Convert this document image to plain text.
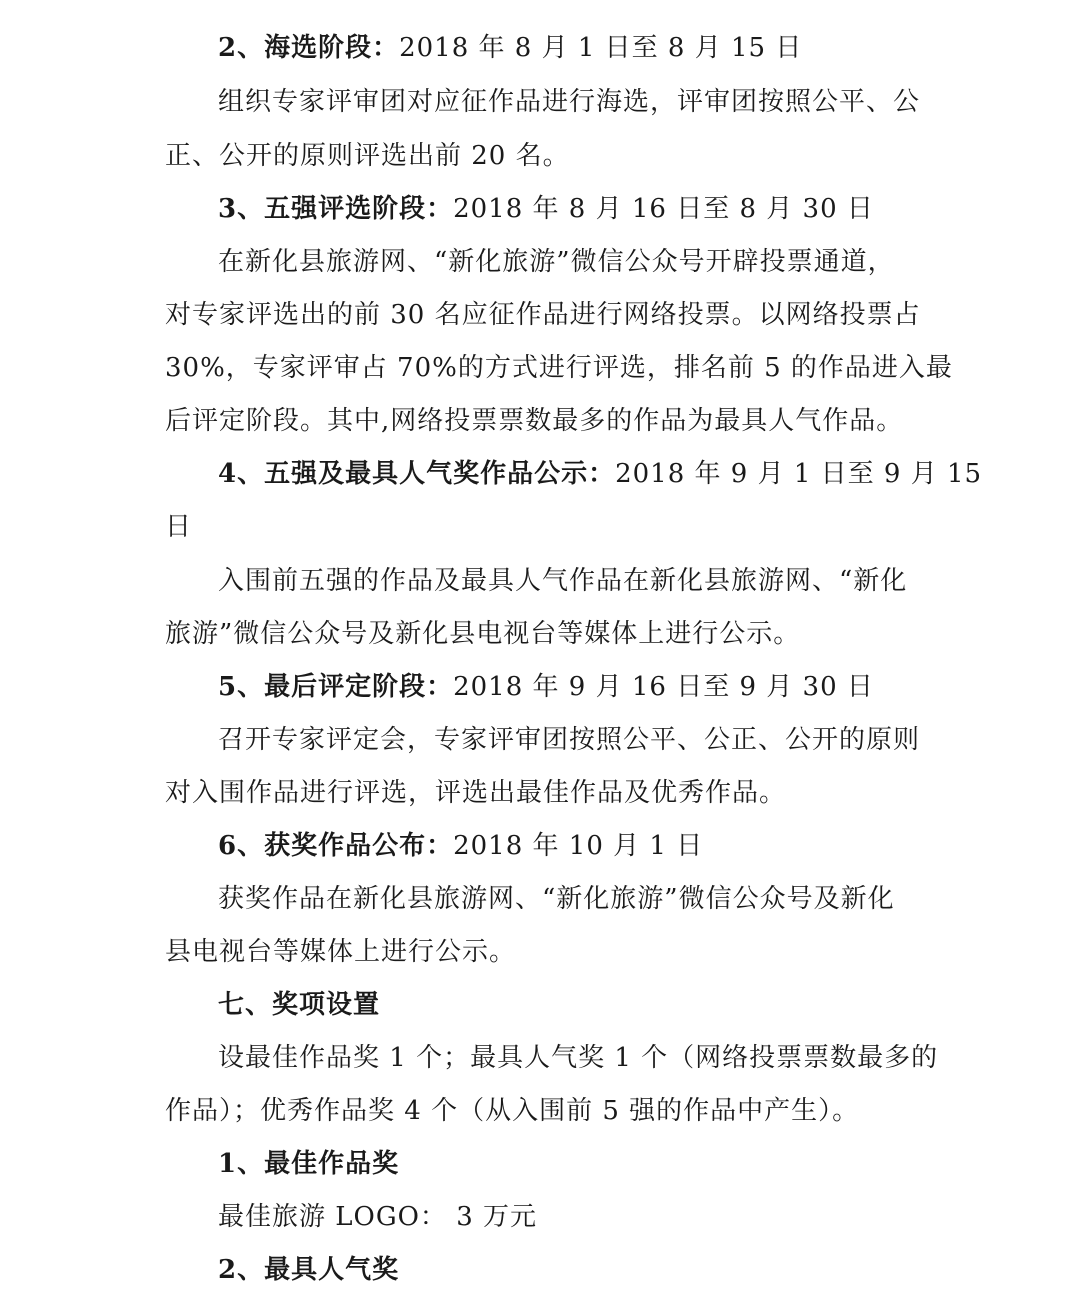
2、海选阶段：2018 年 8 月 1 日至 8 月 15 日
组织专家评审团对应征作品进行海选，评审团按照公平、公
正、公开的原则评选出前 20 名。
3、五强评选阶段：2018 年 8 月 16 日至 8 月 30 日
在新化县旅游网、“新化旅游”微信公众号开辟投票通道，
对专家评选出的前 30 名应征作品进行网络投票。以网络投票占
30%，专家评审占 70%的方式进行评选，排名前 5 的作品进入最
后评定阶段。其中,网络投票票数最多的作品为最具人气作品。
4、五强及最具人气奖作品公示：2018 年 9 月 1 日至 9 月 15
日
入围前五强的作品及最具人气作品在新化县旅游网、“新化
旅游”微信公众号及新化县电视台等媒体上进行公示。
5、最后评定阶段：2018 年 9 月 16 日至 9 月 30 日
召开专家评定会，专家评审团按照公平、公正、公开的原则
对入围作品进行评选，评选出最佳作品及优秀作品。
6、获奖作品公布：2018 年 10 月 1 日
获奖作品在新化县旅游网、“新化旅游”微信公众号及新化
县电视台等媒体上进行公示。
七、奖项设置
设最佳作品奖 1 个；最具人气奖 1 个（网络投票票数最多的
作品）；优秀作品奖 4 个（从入围前 5 强的作品中产生）。
1、最佳作品奖
最佳旅游 LOGO： 3 万元
2、最具人气奖
